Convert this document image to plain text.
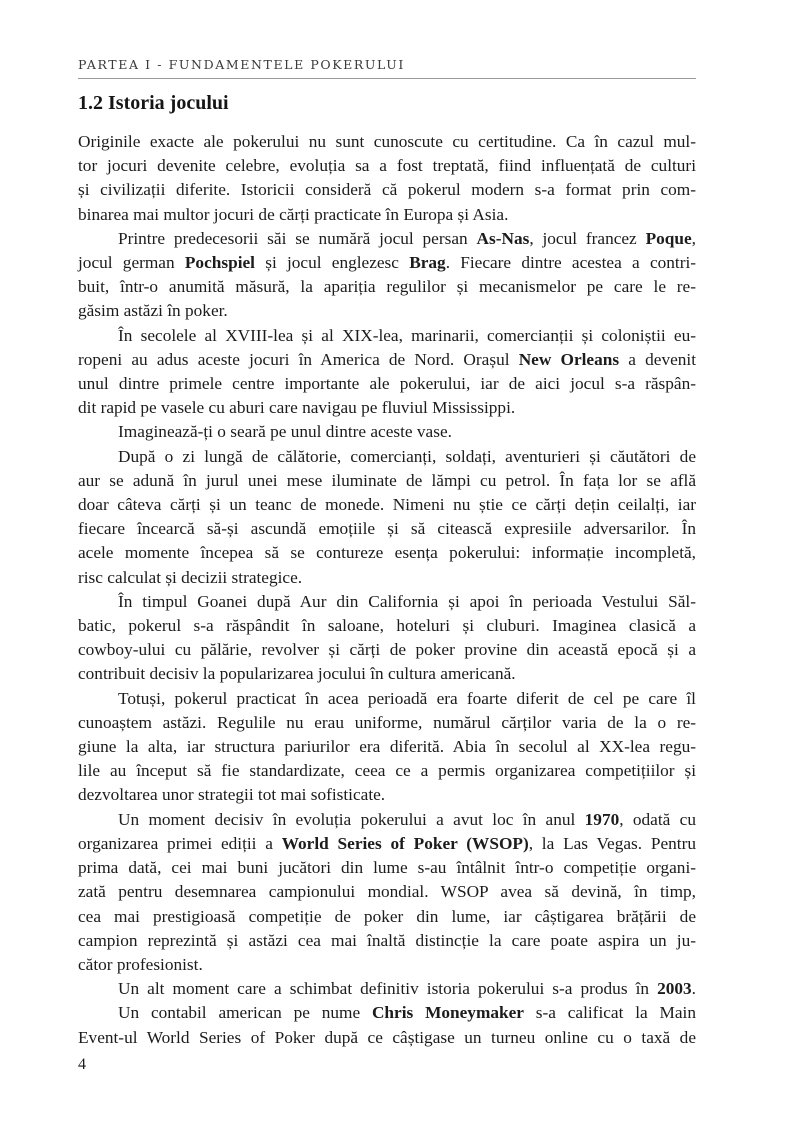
PARTEA I - FUNDAMENTELE POKERULUI
1.2 Istoria jocului
Originile exacte ale pokerului nu sunt cunoscute cu certitudine. Ca în cazul mul-
tor jocuri devenite celebre, evoluția sa a fost treptată, fiind influențată de culturi
și civilizații diferite. Istoricii consideră că pokerul modern s-a format prin com-
binarea mai multor jocuri de cărți practicate în Europa și Asia.
Printre predecesorii săi se numără jocul persan As-Nas, jocul francez Poque,
jocul german Pochspiel și jocul englezesc Brag. Fiecare dintre acestea a contri-
buit, într-o anumită măsură, la apariția regulilor și mecanismelor pe care le re-
găsim astăzi în poker.
În secolele al XVIII-lea și al XIX-lea, marinarii, comercianții și coloniștii eu-
ropeni au adus aceste jocuri în America de Nord. Orașul New Orleans a devenit
unul dintre primele centre importante ale pokerului, iar de aici jocul s-a răspân-
dit rapid pe vasele cu aburi care navigau pe fluviul Mississippi.
Imaginează-ți o seară pe unul dintre aceste vase.
După o zi lungă de călătorie, comercianți, soldați, aventurieri și căutători de
aur se adună în jurul unei mese iluminate de lămpi cu petrol. În fața lor se află
doar câteva cărți și un teanc de monede. Nimeni nu știe ce cărți dețin ceilalți, iar
fiecare încearcă să-și ascundă emoțiile și să citească expresiile adversarilor. În
acele momente începea să se contureze esența pokerului: informație incompletă,
risc calculat și decizii strategice.
În timpul Goanei după Aur din California și apoi în perioada Vestului Săl-
batic, pokerul s-a răspândit în saloane, hoteluri și cluburi. Imaginea clasică a
cowboy-ului cu pălărie, revolver și cărți de poker provine din această epocă și a
contribuit decisiv la popularizarea jocului în cultura americană.
Totuși, pokerul practicat în acea perioadă era foarte diferit de cel pe care îl
cunoaștem astăzi. Regulile nu erau uniforme, numărul cărților varia de la o re-
giune la alta, iar structura pariurilor era diferită. Abia în secolul al XX-lea regu-
lile au început să fie standardizate, ceea ce a permis organizarea competițiilor și
dezvoltarea unor strategii tot mai sofisticate.
Un moment decisiv în evoluția pokerului a avut loc în anul 1970, odată cu
organizarea primei ediții a World Series of Poker (WSOP), la Las Vegas. Pentru
prima dată, cei mai buni jucători din lume s-au întâlnit într-o competiție organi-
zată pentru desemnarea campionului mondial. WSOP avea să devină, în timp,
cea mai prestigioasă competiție de poker din lume, iar câștigarea brățării de
campion reprezintă și astăzi cea mai înaltă distincție la care poate aspira un ju-
cător profesionist.
Un alt moment care a schimbat definitiv istoria pokerului s-a produs în 2003.
Un contabil american pe nume Chris Moneymaker s-a calificat la Main
Event-ul World Series of Poker după ce câștigase un turneu online cu o taxă de
4
